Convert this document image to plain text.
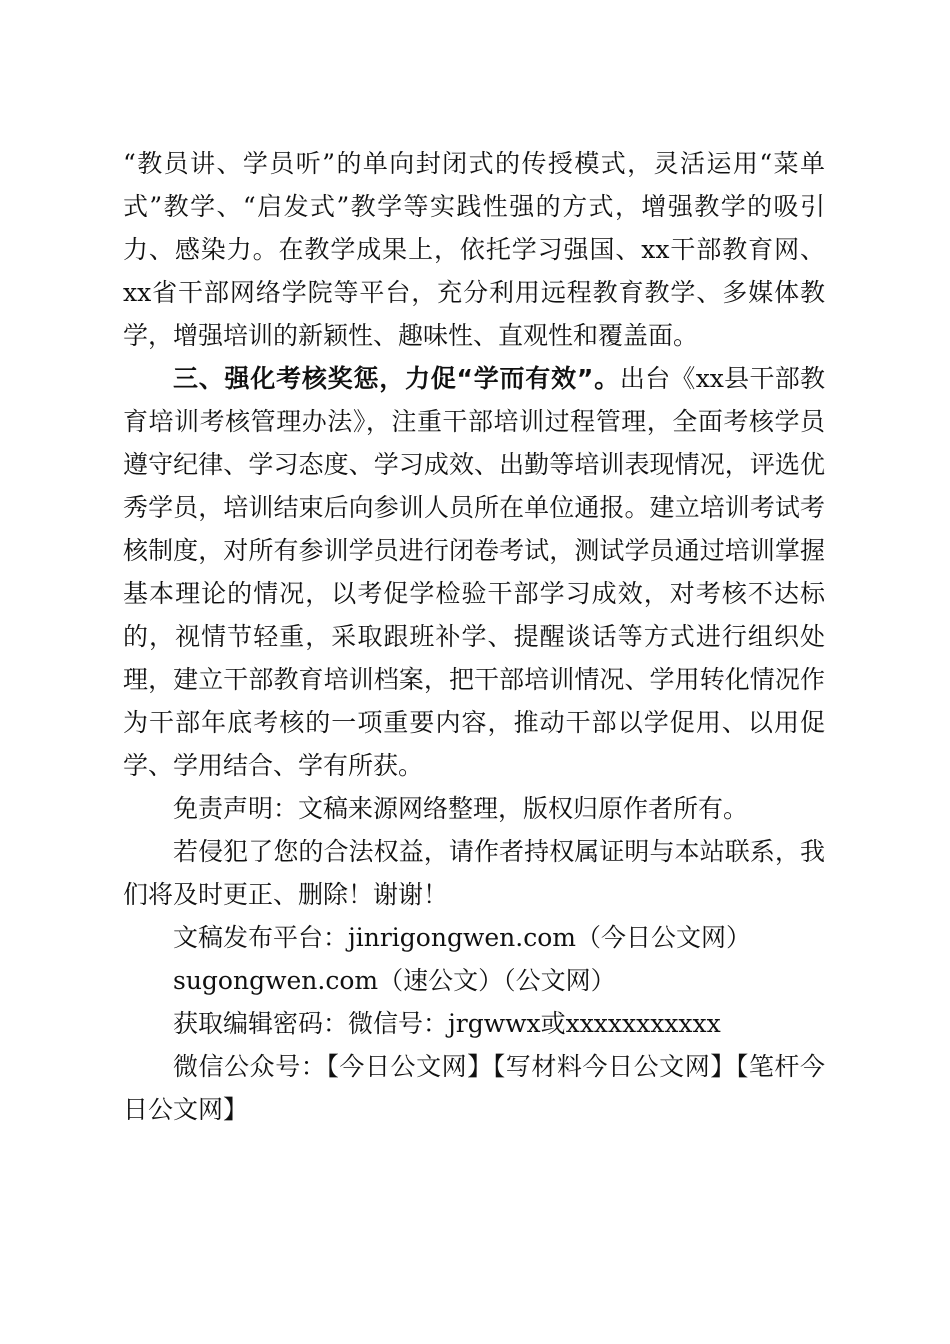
“教员讲、学员听”的单向封闭式的传授模式，灵活运用“菜单式”教学、“启发式”教学等实践性强的方式，增强教学的吸引力、感染力。在教学成果上，依托学习强国、xx干部教育网、xx省干部网络学院等平台，充分利用远程教育教学、多媒体教学，增强培训的新颖性、趣味性、直观性和覆盖面。

三、强化考核奖惩，力促“学而有效”。出台《xx县干部教育培训考核管理办法》，注重干部培训过程管理，全面考核学员遵守纪律、学习态度、学习成效、出勤等培训表现情况，评选优秀学员，培训结束后向参训人员所在单位通报。建立培训考试考核制度，对所有参训学员进行闭卷考试，测试学员通过培训掌握基本理论的情况，以考促学检验干部学习成效，对考核不达标的，视情节轻重，采取跟班补学、提醒谈话等方式进行组织处理，建立干部教育培训档案，把干部培训情况、学用转化情况作为干部年底考核的一项重要内容，推动干部以学促用、以用促学、学用结合、学有所获。

免责声明：文稿来源网络整理，版权归原作者所有。

若侵犯了您的合法权益，请作者持权属证明与本站联系，我们将及时更正、删除！谢谢！

文稿发布平台：jinrigongwen.com（今日公文网）

sugongwen.com（速公文）（公文网）

获取编辑密码：微信号：jrgwwx或xxxxxxxxxxx

微信公众号：【今日公文网】【写材料今日公文网】【笔杆今日公文网】
